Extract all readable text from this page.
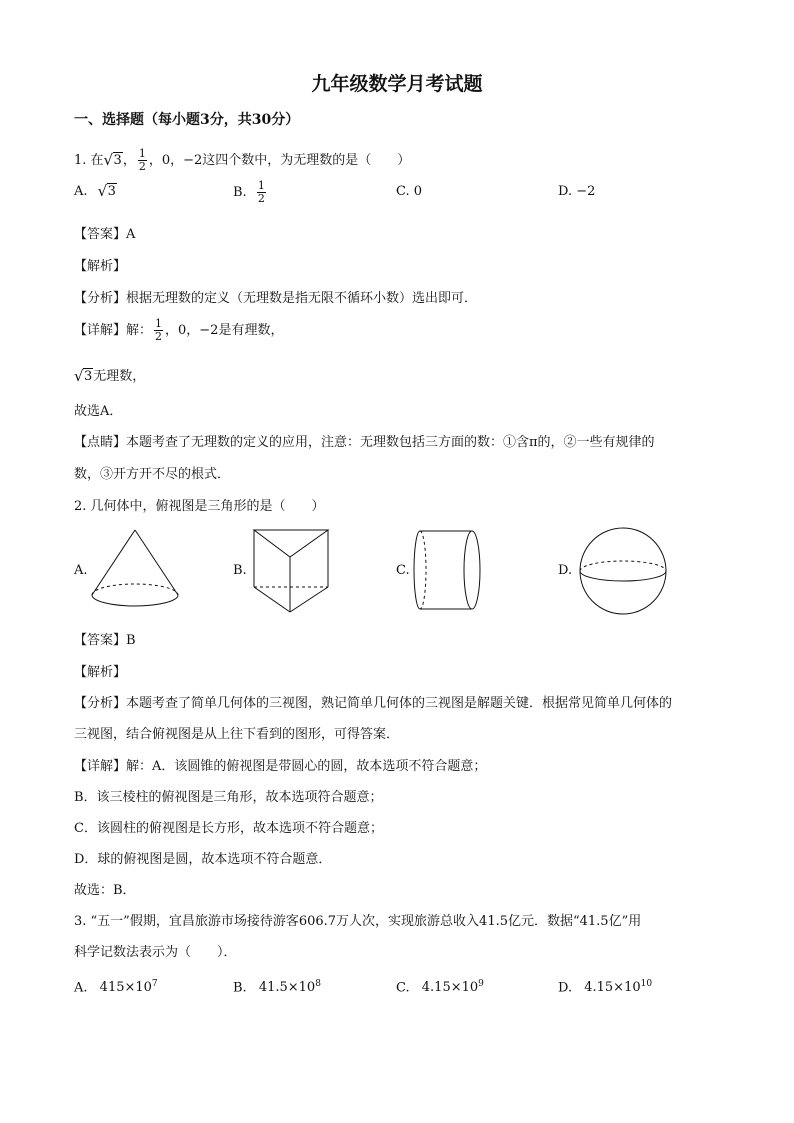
九年级数学月考试题
一、选择题（每小题3分，共30分）
1. 在 √ 3， $\frac{1}{2}$ ，0，−2这四个数中，为无理数的是（　　）
A. √ 3	B. $\frac{1}{2}$	C. 0	D. −2
【答案】A
【解析】
【分析】根据无理数的定义（无理数是指无限不循环小数）选出即可．
【详解】解： $\frac{1}{2}$ ，0，−2是有理数，
√ 3无理数，
故选A．
【点睛】本题考查了无理数的定义的应用，注意：无理数包括三方面的数：①含π的，②一些有规律的
数，③开方开不尽的根式．
2. 几何体中，俯视图是三角形的是（　　）
A.	B.	C.	D.
【答案】B
【解析】
【分析】本题考查了简单几何体的三视图，熟记简单几何体的三视图是解题关键．根据常见简单几何体的
三视图，结合俯视图是从上往下看到的图形，可得答案．
【详解】解：A．该圆锥的俯视图是带圆心的圆，故本选项不符合题意；
B．该三棱柱的俯视图是三角形，故本选项符合题意；
C．该圆柱的俯视图是长方形，故本选项不符合题意；
D．球的俯视图是圆，故本选项不符合题意．
故选：B．
3. “五一”假期，宜昌旅游市场接待游客606.7万人次，实现旅游总收入41.5亿元．数据“41.5亿”用
科学记数法表示为（　　）．
A. $415\times 10^7$	B. $41.5\times 10^8$	C. $4.15\times 10^9$	D. $4.15\times 10^{10}$
